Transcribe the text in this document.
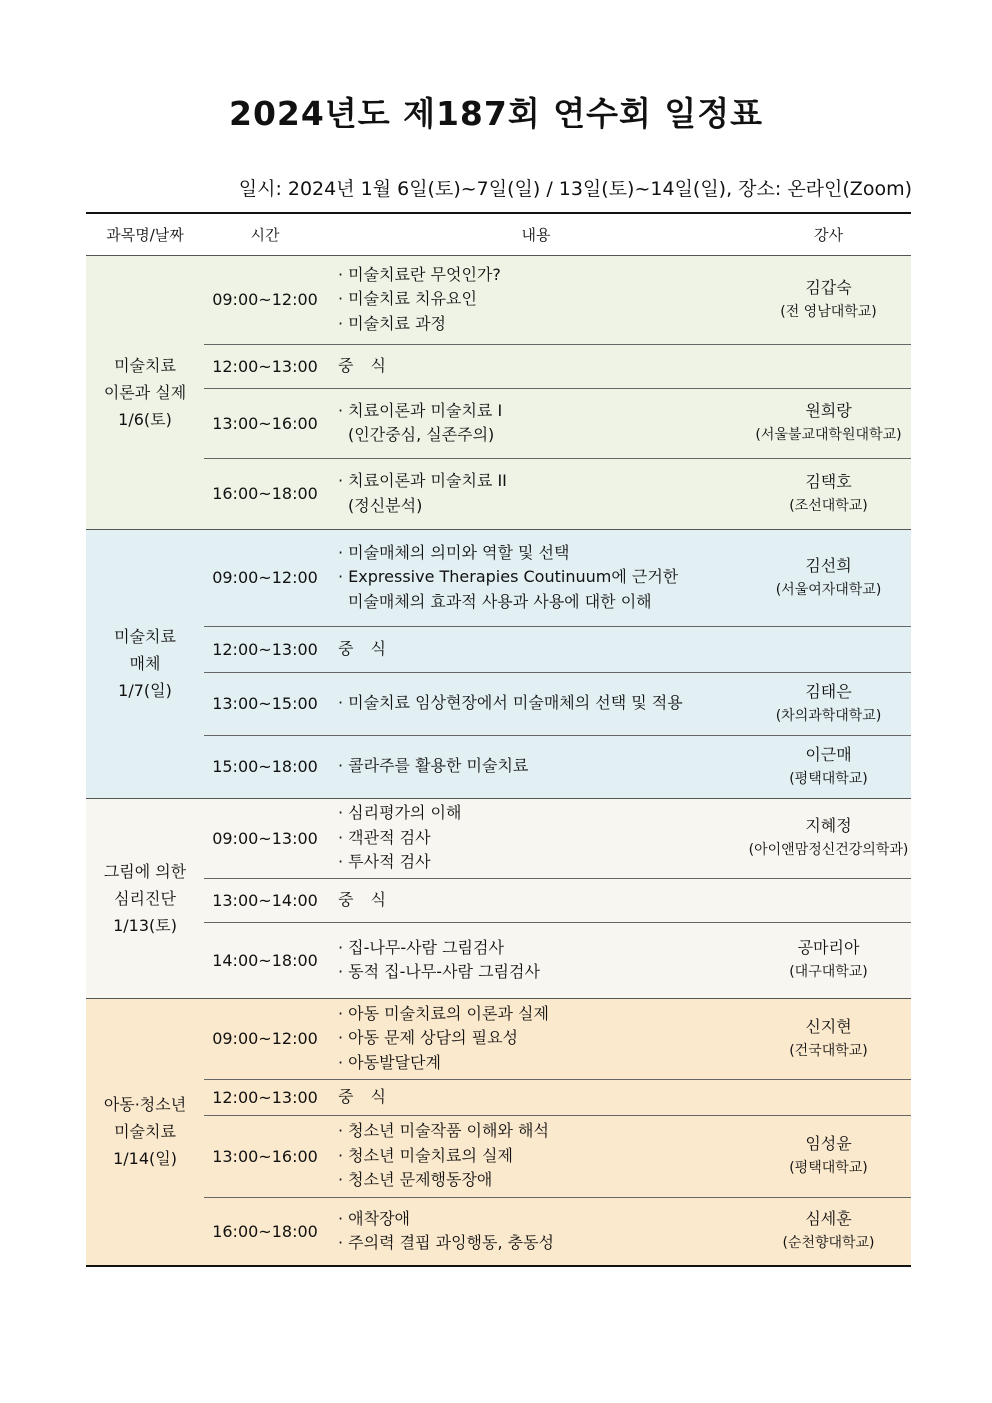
2024년도 제187회 연수회 일정표
일시: 2024년 1월 6일(토)~7일(일) / 13일(토)~14일(일), 장소: 온라인(Zoom)
과목명/날짜	시간	내용	강사

미술치료
이론과 실제
1/6(토)	09:00~12:00	· 미술치료란 무엇인가?
· 미술치료 치유요인
· 미술치료 과정	김갑숙
(전 영남대학교)

	12:00~13:00	중 식	

	13:00~16:00	· 치료이론과 미술치료 I
(인간중심, 실존주의)	원희랑
(서울불교대학원대학교)

	16:00~18:00	· 치료이론과 미술치료 II
(정신분석)	김택호
(조선대학교)

미술치료
매체
1/7(일)	09:00~12:00	· 미술매체의 의미와 역할 및 선택
· Expressive Therapies Coutinuum에 근거한
미술매체의 효과적 사용과 사용에 대한 이해	김선희
(서울여자대학교)

	12:00~13:00	중 식	

	13:00~15:00	· 미술치료 임상현장에서 미술매체의 선택 및 적용	김태은
(차의과학대학교)

	15:00~18:00	· 콜라주를 활용한 미술치료	이근매
(평택대학교)

그림에 의한
심리진단
1/13(토)	09:00~13:00	· 심리평가의 이해
· 객관적 검사
· 투사적 검사	지혜정
(아이앤맘정신건강의학과)

	13:00~14:00	중 식	

	14:00~18:00	· 집-나무-사람 그림검사
· 동적 집-나무-사람 그림검사	공마리아
(대구대학교)

아동·청소년
미술치료
1/14(일)	09:00~12:00	· 아동 미술치료의 이론과 실제
· 아동 문제 상담의 필요성
· 아동발달단계	신지현
(건국대학교)

	12:00~13:00	중 식	

	13:00~16:00	· 청소년 미술작품 이해와 해석
· 청소년 미술치료의 실제
· 청소년 문제행동장애	임성윤
(평택대학교)

	16:00~18:00	· 애착장애
· 주의력 결핍 과잉행동, 충동성	심세훈
(순천향대학교)
